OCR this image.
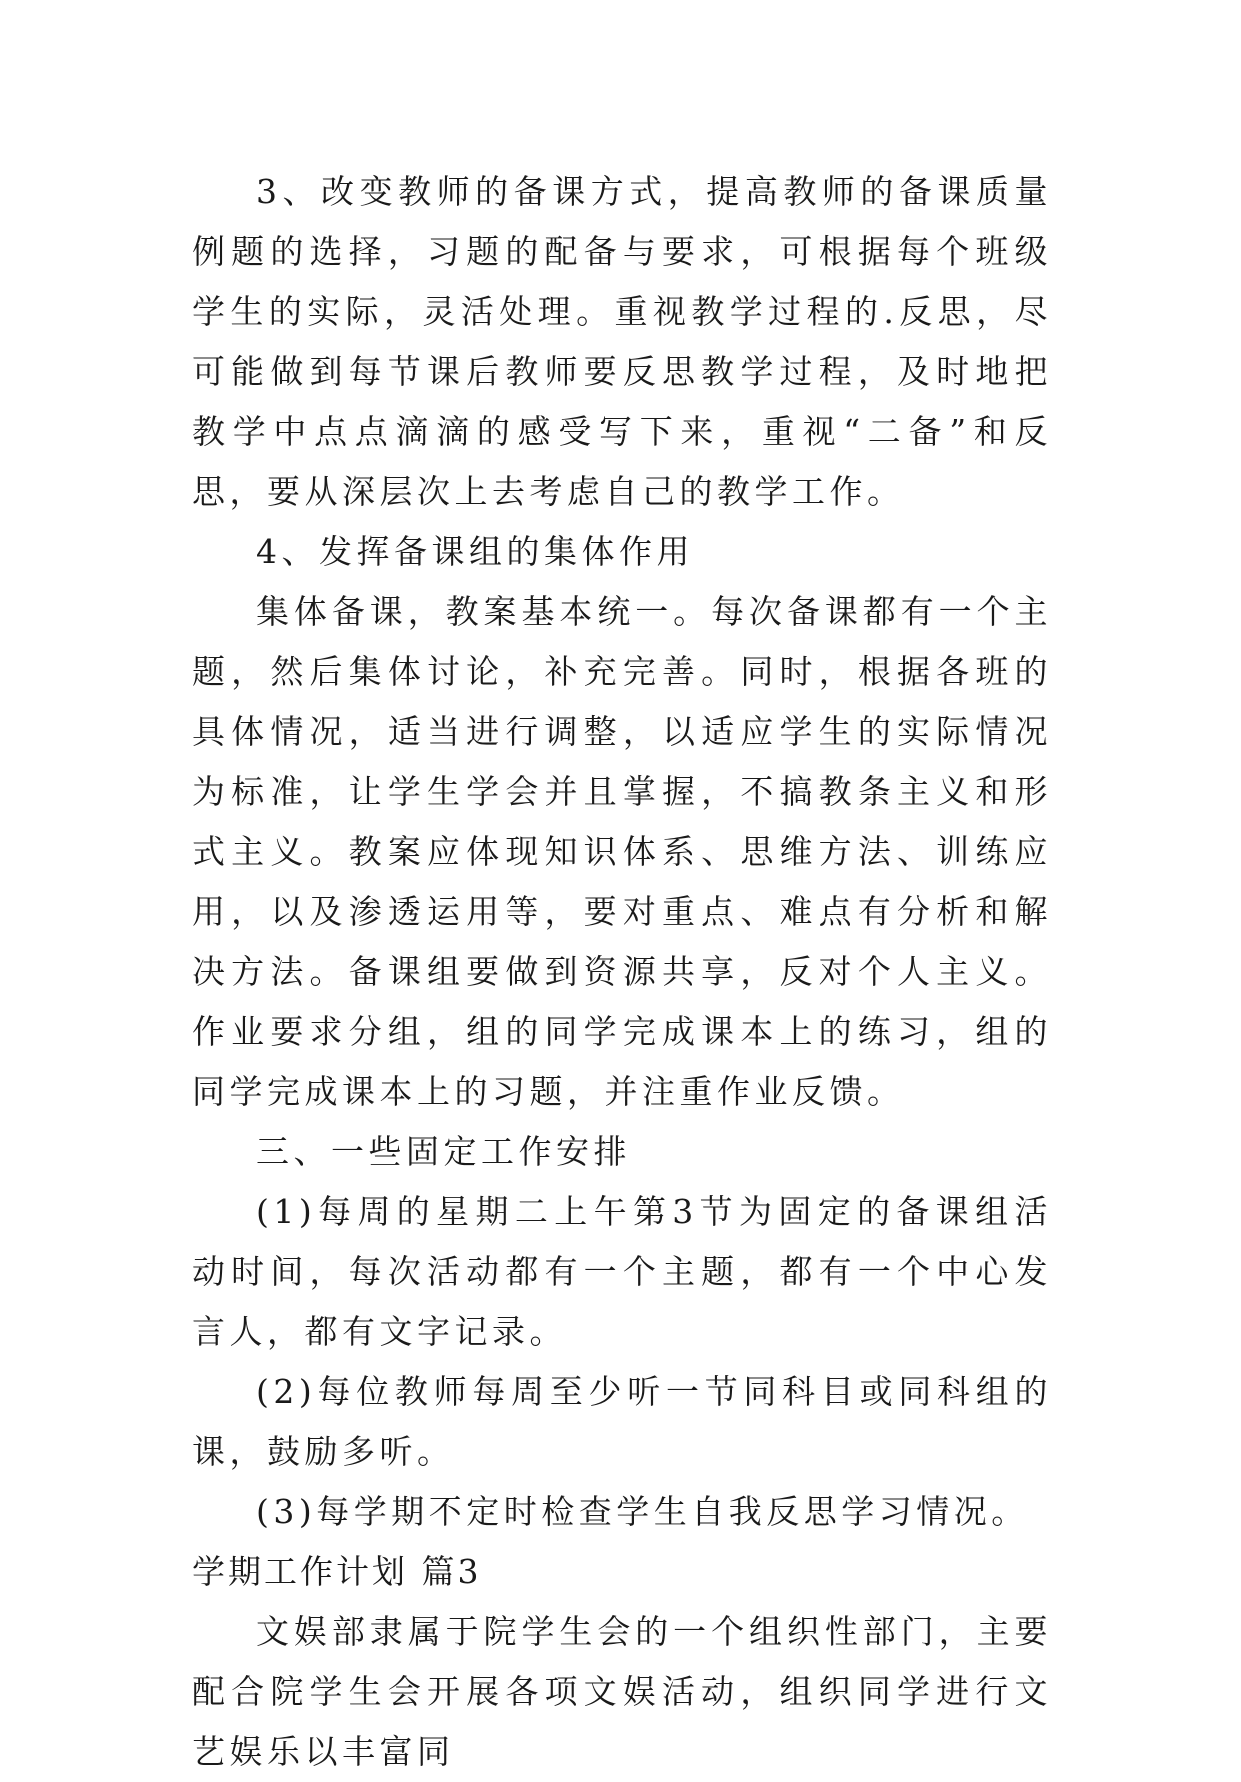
3、改变教师的备课方式，提高教师的备课质量例题的选择，习题的配备与要求，可根据每个班级学生的实际，灵活处理。重视教学过程的.反思，尽可能做到每节课后教师要反思教学过程，及时地把教学中点点滴滴的感受写下来，重视“二备”和反思，要从深层次上去考虑自己的教学工作。

4、发挥备课组的集体作用

集体备课，教案基本统一。每次备课都有一个主题，然后集体讨论，补充完善。同时，根据各班的具体情况，适当进行调整，以适应学生的实际情况为标准，让学生学会并且掌握，不搞教条主义和形式主义。教案应体现知识体系、思维方法、训练应用，以及渗透运用等，要对重点、难点有分析和解决方法。备课组要做到资源共享，反对个人主义。作业要求分组，组的同学完成课本上的练习，组的同学完成课本上的习题，并注重作业反馈。

三、一些固定工作安排

(1)每周的星期二上午第3节为固定的备课组活动时间，每次活动都有一个主题，都有一个中心发言人，都有文字记录。

(2)每位教师每周至少听一节同科目或同科组的课，鼓励多听。

(3)每学期不定时检查学生自我反思学习情况。

学期工作计划 篇3

文娱部隶属于院学生会的一个组织性部门，主要配合院学生会开展各项文娱活动，组织同学进行文艺娱乐以丰富同
